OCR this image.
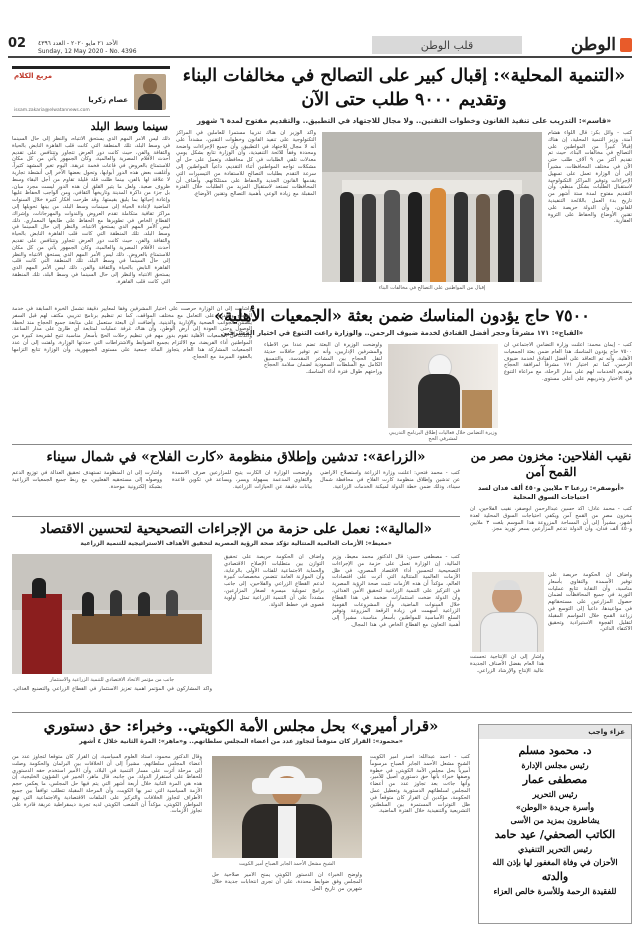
02 الأحد ٢١ مايو ٢٠٢٠ - العدد ٤٣٩٦
Sunday, 12 May 2020 - No. 4396	قلب الوطن	الوطن
مربع الكلام
عصام زكريا
issam.zakaria@elwatannews.com
سينما وسط البلد
ذلك ليس الأمر المهم الذي يستحق الانتباه، والنظر إلى حال السينما في وسط البلد، تلك المنطقة التي كانت قلب القاهرة النابض بالحياة والثقافة والفن، حيث كانت دور العرض تتجاور وتتنافس على تقديم أحدث الأفلام المصرية والعالمية، وكان الجمهور يأتي من كل مكان للاستمتاع بالعروض في قاعات فخمة عريقة. اليوم تغير المشهد كثيراً، وأغلقت بعض هذه الدور أبوابها، وتحول بعضها الآخر إلى أنشطة تجارية لا علاقة لها بالفن، بينما ظلت قلة قليلة تقاوم من أجل البقاء وسط ظروف صعبة. ولعل ما يثير القلق أن هذه الدور ليست مجرد مبان، بل جزء من ذاكرة المدينة وتاريخها الثقافي، ومن الواجب الحفاظ عليها وإعادة إحيائها بما يليق بقيمتها. وقد طرحت أفكار كثيرة خلال السنوات الماضية لإعادة الحياة إلى سينمات وسط البلد، من بينها تحويلها إلى مراكز ثقافية متكاملة تقدم العروض والندوات والمهرجانات، وإشراك القطاع الخاص في تطويرها مع الحفاظ على طابعها المعماري. ذلك ليس الأمر المهم الذي يستحق الانتباه، والنظر إلى حال السينما في وسط البلد، تلك المنطقة التي كانت قلب القاهرة النابض بالحياة والثقافة والفن، حيث كانت دور العرض تتجاور وتتنافس على تقديم أحدث الأفلام المصرية والعالمية، وكان الجمهور يأتي من كل مكان للاستمتاع بالعروض. ذلك ليس الأمر المهم الذي يستحق الانتباه والنظر إلى حال السينما في وسط البلد، تلك المنطقة التي كانت قلب القاهرة النابض بالحياة والثقافة والفن. ذلك ليس الأمر المهم الذي يستحق الانتباه والنظر إلى حال السينما في وسط البلد، تلك المنطقة التي كانت قلب القاهرة.
«التنمية المحلية»: إقبال كبير على التصالح في مخالفات البناء وتقديم ٩٠٠٠ طلب حتى الآن
«قاسم»: التدريب على تنفيذ القانون وخطوات التقنين.. ولا مجال للاجتهاد في التطبيق.. والتقديم مفتوح لمدة ٦ شهور
كتب - وائل بكر: قال اللواء هشام آمنة، وزير التنمية المحلية، إن هناك إقبالاً كبيراً من المواطنين على التصالح في مخالفات البناء، حيث تم تقديم أكثر من ٩ آلاف طلب حتى الآن في مختلف المحافظات، مشيراً إلى أن الوزارة تعمل على تسهيل الإجراءات وتوفير المراكز التكنولوجية لاستقبال الطلبات بشكل منظم، وأن التقديم مفتوح لمدة ستة أشهر من تاريخ بدء العمل باللائحة التنفيذية للقانون، وأن الدولة حريصة على تقنين الأوضاع والحفاظ على الثروة العقارية.
إقبال من المواطنين على التصالح في مخالفات البناء
وأكد الوزير أن هناك تدريباً مستمراً للعاملين في المراكز التكنولوجية على تنفيذ القانون وخطوات التقنين، مشدداً على أنه لا مجال للاجتهاد في التطبيق، وأن جميع الإجراءات واضحة ومحددة وفقاً للائحة التنفيذية، وأن الوزارة تتابع بشكل يومي معدلات تلقي الطلبات في كل محافظة، وتعمل على حل أي مشكلات تواجه المواطنين أثناء التقديم، داعياً المواطنين إلى سرعة التقدم بطلبات التصالح للاستفادة من التيسيرات التي يقدمها القانون الجديد والحفاظ على ممتلكاتهم. وأضاف أن المحافظات تستعد لاستقبال المزيد من الطلبات خلال الفترة المقبلة مع زيادة الوعي بأهمية التصالح وتقنين الأوضاع.
٧٥٠٠ حاج يؤدون المناسك ضمن بعثة «الجمعيات الأهلية»
«القباج»: ١٧١ مشرفاً وحجز أفضل الفنادق لخدمة ضيوف الرحمن.. والوزارة راعت التنوع في اختيار المشرفين
كتب - إيمان محمد: أعلنت وزارة التضامن الاجتماعي أن ٧٥٠٠ حاج يؤدون المناسك هذا العام ضمن بعثة الجمعيات الأهلية، وأنه تم التعاقد على أفضل الفنادق لخدمة ضيوف الرحمن، كما تم اختيار ١٧١ مشرفاً لمرافقة الحجاج وتقديم الخدمات لهم على مدار الرحلة، مع مراعاة التنوع في الاختيار وتدريبهم على أعلى مستوى.
وزيرة التضامن خلال فعاليات إطلاق البرنامج التدريبي لمشرفي الحج
وأوضحت الوزيرة أن البعثة تضم عدداً من الأطباء والمشرفين الإداريين، وأنه تم توفير حافلات حديثة لنقل الحجاج بين المشاعر المقدسة، والتنسيق الكامل مع السلطات السعودية لضمان سلامة الحجاج وراحتهم طوال فترة أداء المناسك.
وأشارت إلى أن الوزارة حرصت على اختيار المشرفين وفقاً لمعايير دقيقة تشمل الخبرة السابقة في خدمة الحجاج والقدرة على التعامل مع مختلف المواقف، كما تم تنظيم برنامج تدريبي مكثف لهم قبل السفر يتضمن الجوانب الصحية والإدارية والدينية. وأضافت أن البعثة ستعمل على متابعة جميع الحجاج منذ لحظة الوصول وحتى العودة إلى أرض الوطن، وأن هناك غرفة عمليات لمتابعة أي طارئ على مدار الساعة. وأكدت أن الجمعيات الأهلية تقوم بدور مهم في تنظيم رحلات الحج بأسعار مناسبة تتيح لشريحة كبيرة من المواطنين أداء الفريضة، مع الالتزام بجميع الضوابط والاشتراطات التي حددتها الوزارة. ولفتت إلى أن عدد الجمعيات المشاركة هذا العام يتجاوز المائة جمعية على مستوى الجمهورية، وأن الوزارة تتابع التزامها بالعقود المبرمة مع الحجاج.
«الزراعة»: تدشين وإطلاق منظومة «كارت الفلاح» في شمال سيناء
كتب - محمد فتحي: أعلنت وزارة الزراعة واستصلاح الأراضي عن تدشين وإطلاق منظومة كارت الفلاح في محافظة شمال سيناء، وذلك ضمن خطة الدولة لميكنة الخدمات الزراعية.
وأوضحت الوزارة أن الكارت يتيح للمزارعين صرف الأسمدة والتقاوي المدعمة بسهولة ويسر، ويساعد في تكوين قاعدة بيانات دقيقة عن الحيازات الزراعية.
وأشارت إلى أن المنظومة تستهدف تحقيق العدالة في توزيع الدعم ووصوله إلى مستحقيه الفعليين، مع ربط جميع الجمعيات الزراعية بشبكة إلكترونية موحدة.
نقيب الفلاحين: مخزون مصر من القمح آمن
«أبوصقر»: زرعنا ٣ ملايين و٤٥٠ ألف فدان لسد احتياجات السوق المحلية
كتب - محمد عادل: أكد حسين عبدالرحمن أبوصقر، نقيب الفلاحين، أن مخزون مصر من القمح آمن ويكفي احتياجات السوق المحلية لعدة أشهر، مشيراً إلى أن المساحة المزروعة هذا الموسم بلغت ٣ ملايين و٤٥٠ ألف فدان، وأن الدولة تدعم المزارعين بسعر توريد مجز.
وأضاف أن الحكومة حريصة على توفير الأسمدة والتقاوي بأسعار مناسبة، وأن النقابة تتابع عمليات التوريد في جميع المحافظات لضمان حصول المزارعين على مستحقاتهم في مواعيدها، داعياً إلى التوسع في زراعة القمح خلال المواسم المقبلة لتقليل الفجوة الاستيرادية وتحقيق الاكتفاء الذاتي.
وأشار إلى أن الإنتاجية تحسنت هذا العام بفضل الأصناف الجديدة عالية الإنتاج والإرشاد الزراعي.
«المالية»: نعمل على حزمة من الإجراءات التصحيحية لتحسين الاقتصاد
«معيط»: الأزمات العالمية المتتالية تؤكد صحة الرؤية المصرية لتحقيق الأهداف الاستراتيجية للتنمية الزراعية
كتب - مصطفى حسن: قال الدكتور محمد معيط، وزير المالية، إن الوزارة تعمل على حزمة من الإجراءات التصحيحية لتحسين أداء الاقتصاد المصري، في ظل الأزمات العالمية المتتالية التي أثرت على اقتصادات العالم، مؤكداً أن هذه الأزمات تثبت صحة الرؤية المصرية في التركيز على التنمية الزراعية لتحقيق الأمن الغذائي، وأن الدولة ضخت استثمارات ضخمة في هذا القطاع خلال السنوات الماضية، وأن المشروعات القومية الزراعية أسهمت في زيادة الرقعة المزروعة وتوفير السلع الأساسية للمواطنين بأسعار مناسبة، مشيراً إلى أهمية التعاون مع القطاع الخاص في هذا المجال.
وأضاف أن الحكومة حريصة على تحقيق التوازن بين متطلبات الإصلاح الاقتصادي والحماية الاجتماعية للفئات الأولى بالرعاية، وأن الموازنة العامة تتضمن مخصصات كبيرة لدعم القطاع الزراعي والفلاحين، إلى جانب برامج تمويلية ميسرة لصغار المزارعين، مشدداً على أن التنمية الزراعية تمثل أولوية قصوى في خطط الدولة.
جانب من مؤتمر الاتحاد الاقتصادي للتنمية الزراعية والاستثمار
وأكد المشاركون في المؤتمر أهمية تعزيز الاستثمار في القطاع الزراعي والتصنيع الغذائي.
«قرار أميري» بحل مجلس الأمة الكويتي.. وخبراء: حق دستوري
«محمود»: القرار كان متوقعاً لتجاوز عدد من أعضاء المجلس سلطاتهم.. و«ماهر»: المرة الثانية خلال ٤ أشهر
كتب - أحمد عبدالله: أصدر أمير الكويت الشيخ مشعل الأحمد الجابر الصباح مرسوماً أميرياً بحل مجلس الأمة الكويتي، في خطوة وصفها خبراء بأنها حق دستوري أصيل للأمير، وأنها جاءت بعد تجاوز عدد من أعضاء المجلس لسلطاتهم الدستورية وتعطيل عمل الحكومة، مؤكدين أن القرار كان متوقعاً في ظل التوترات المستمرة بين السلطتين التشريعية والتنفيذية خلال الفترة الماضية.
الشيخ مشعل الأحمد الجابر الصباح أمير الكويت
وأوضح الخبراء أن الدستور الكويتي يمنح الأمير صلاحية حل المجلس وفق ضوابط محددة، على أن تجرى انتخابات جديدة خلال شهرين من تاريخ الحل.
وقال الدكتور محمود، أستاذ العلوم السياسية، إن القرار كان متوقعاً لتجاوز عدد من أعضاء المجلس سلطاتهم، مشيراً إلى أن الخلافات بين البرلمان والحكومة وصلت إلى مرحلة أثرت على مسار التنمية في البلاد، وأن الأمير استخدم حقه الدستوري للحفاظ على استقرار الدولة. من جانبه، قال ماهر، الخبير في الشؤون الخليجية، إن هذه هي المرة الثانية خلال أربعة أشهر التي يتم فيها حل المجلس، ما يعكس حجم الأزمة السياسية التي تمر بها الكويت، وأن المرحلة المقبلة تتطلب توافقاً بين جميع الأطراف لتجاوز الخلافات والتركيز على الملفات الاقتصادية والاجتماعية التي تهم المواطن الكويتي، مؤكداً أن الشعب الكويتي لديه تجربة ديمقراطية عريقة قادرة على تجاوز الأزمات.
عزاء واجب
د. محمود مسلم
رئيس مجلس الإدارة
مصطفى عمار
رئيس التحرير
وأسرة جريدة «الوطن»
يشاطرون بمزيد من الأسى
الكاتب الصحفي/ عيد حامد
رئيس التحرير التنفيذي
الأحزان في وفاة المغفور لها بإذن الله
والدته
للفقيدة الرحمة وللأسرة خالص العزاء
